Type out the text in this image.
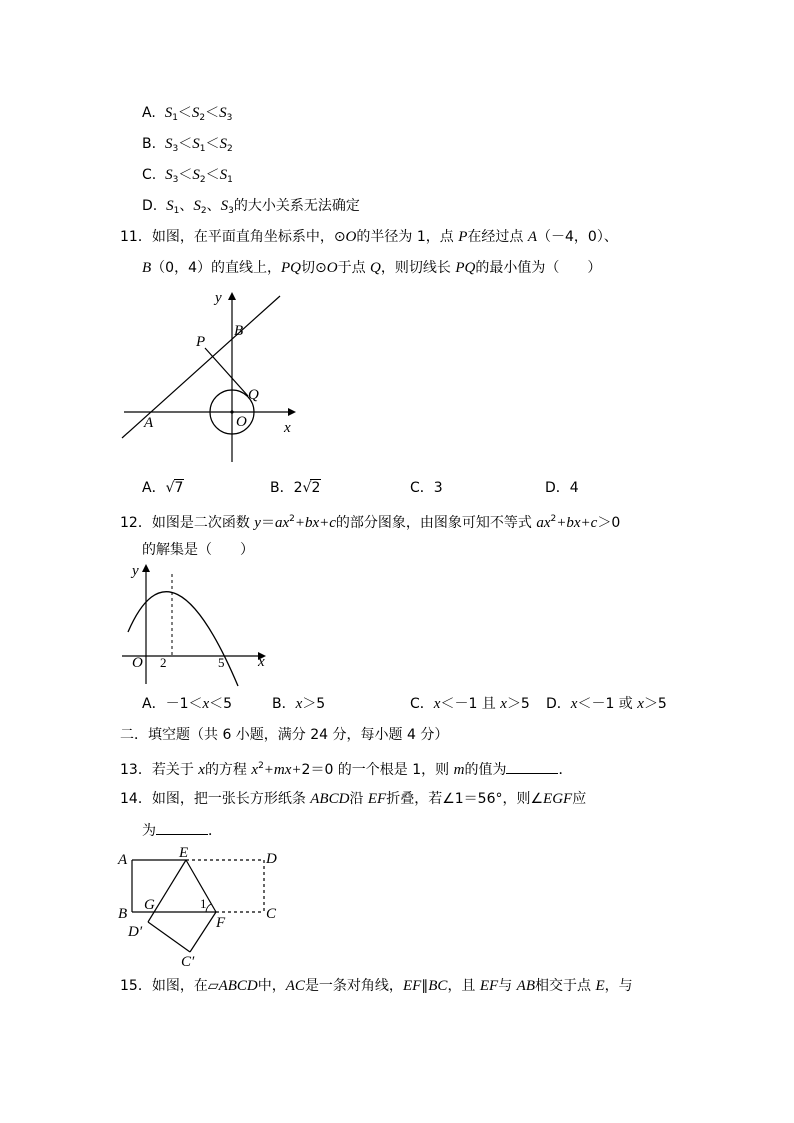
A. $S_1<S_2<S_3$
B. $S_3<S_1<S_2$
C. $S_3<S_2<S_1$
D. $S_1$、$S_2$、$S_3$的大小关系无法确定
11．如图，在平面直角坐标系中，⊙O的半径为 1，点 P在经过点 A（－4，0）、
B（0，4）的直线上，PQ切⊙O于点 Q，则切线长 PQ的最小值为（　　）
y
x
B
P
Q
A	O
A．√7	B．2√2	C．3	D．4
12．如图是二次函数 $y=ax^2+bx+c$的部分图象，由图象可知不等式 $ax^2+bx+c>0$
的解集是（　　）
y
x
O 2	5
A．－1＜x＜5	B．x＞5	C．x＜－1 且 x＞5 D．x＜－1 或 x＞5
二．填空题（共 6 小题，满分 24 分，每小题 4 分）
13．若关于 x的方程 $x^2+mx+2=0$ 的一个根是 1，则 m的值为	．
14．如图，把一张长方形纸条 ABCD沿 EF折叠，若∠1＝56°，则∠EGF应
为	．
A	E	D
B
G	1
F
C
D′
C′
15．如图，在▱ABCD中，AC是一条对角线，EF∥BC，且 EF与 AB相交于点 E，与
